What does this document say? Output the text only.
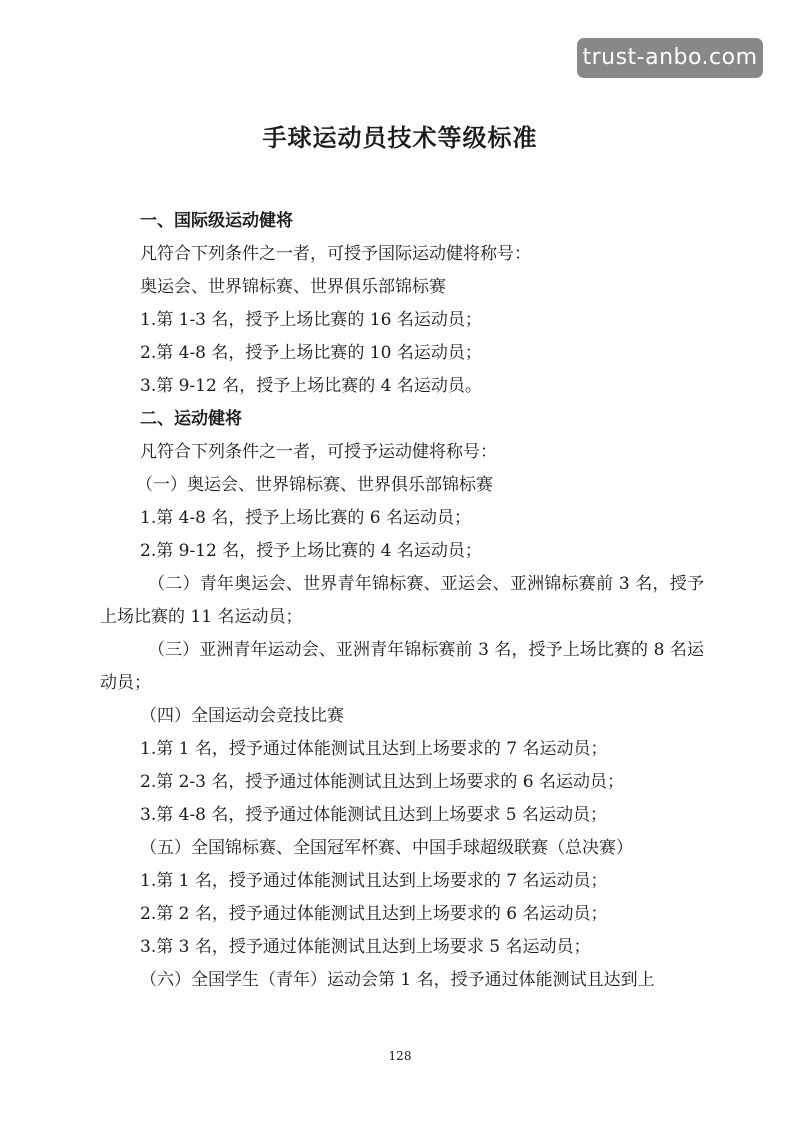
trust-anbo.com
手球运动员技术等级标准
一、国际级运动健将
凡符合下列条件之一者，可授予国际运动健将称号：
奥运会、世界锦标赛、世界俱乐部锦标赛
1.第 1-3 名，授予上场比赛的 16 名运动员；
2.第 4-8 名，授予上场比赛的 10 名运动员；
3.第 9-12 名，授予上场比赛的 4 名运动员。
二、运动健将
凡符合下列条件之一者，可授予运动健将称号：
（一）奥运会、世界锦标赛、世界俱乐部锦标赛
1.第 4-8 名，授予上场比赛的 6 名运动员；
2.第 9-12 名，授予上场比赛的 4 名运动员；
（二）青年奥运会、世界青年锦标赛、亚运会、亚洲锦标赛前 3 名，授予上场比赛的 11 名运动员；
（三）亚洲青年运动会、亚洲青年锦标赛前 3 名，授予上场比赛的 8 名运动员；
（四）全国运动会竞技比赛
1.第 1 名，授予通过体能测试且达到上场要求的 7 名运动员；
2.第 2-3 名，授予通过体能测试且达到上场要求的 6 名运动员；
3.第 4-8 名，授予通过体能测试且达到上场要求 5 名运动员；
（五）全国锦标赛、全国冠军杯赛、中国手球超级联赛（总决赛）
1.第 1 名，授予通过体能测试且达到上场要求的 7 名运动员；
2.第 2 名，授予通过体能测试且达到上场要求的 6 名运动员；
3.第 3 名，授予通过体能测试且达到上场要求 5 名运动员；
（六）全国学生（青年）运动会第 1 名，授予通过体能测试且达到上
128
